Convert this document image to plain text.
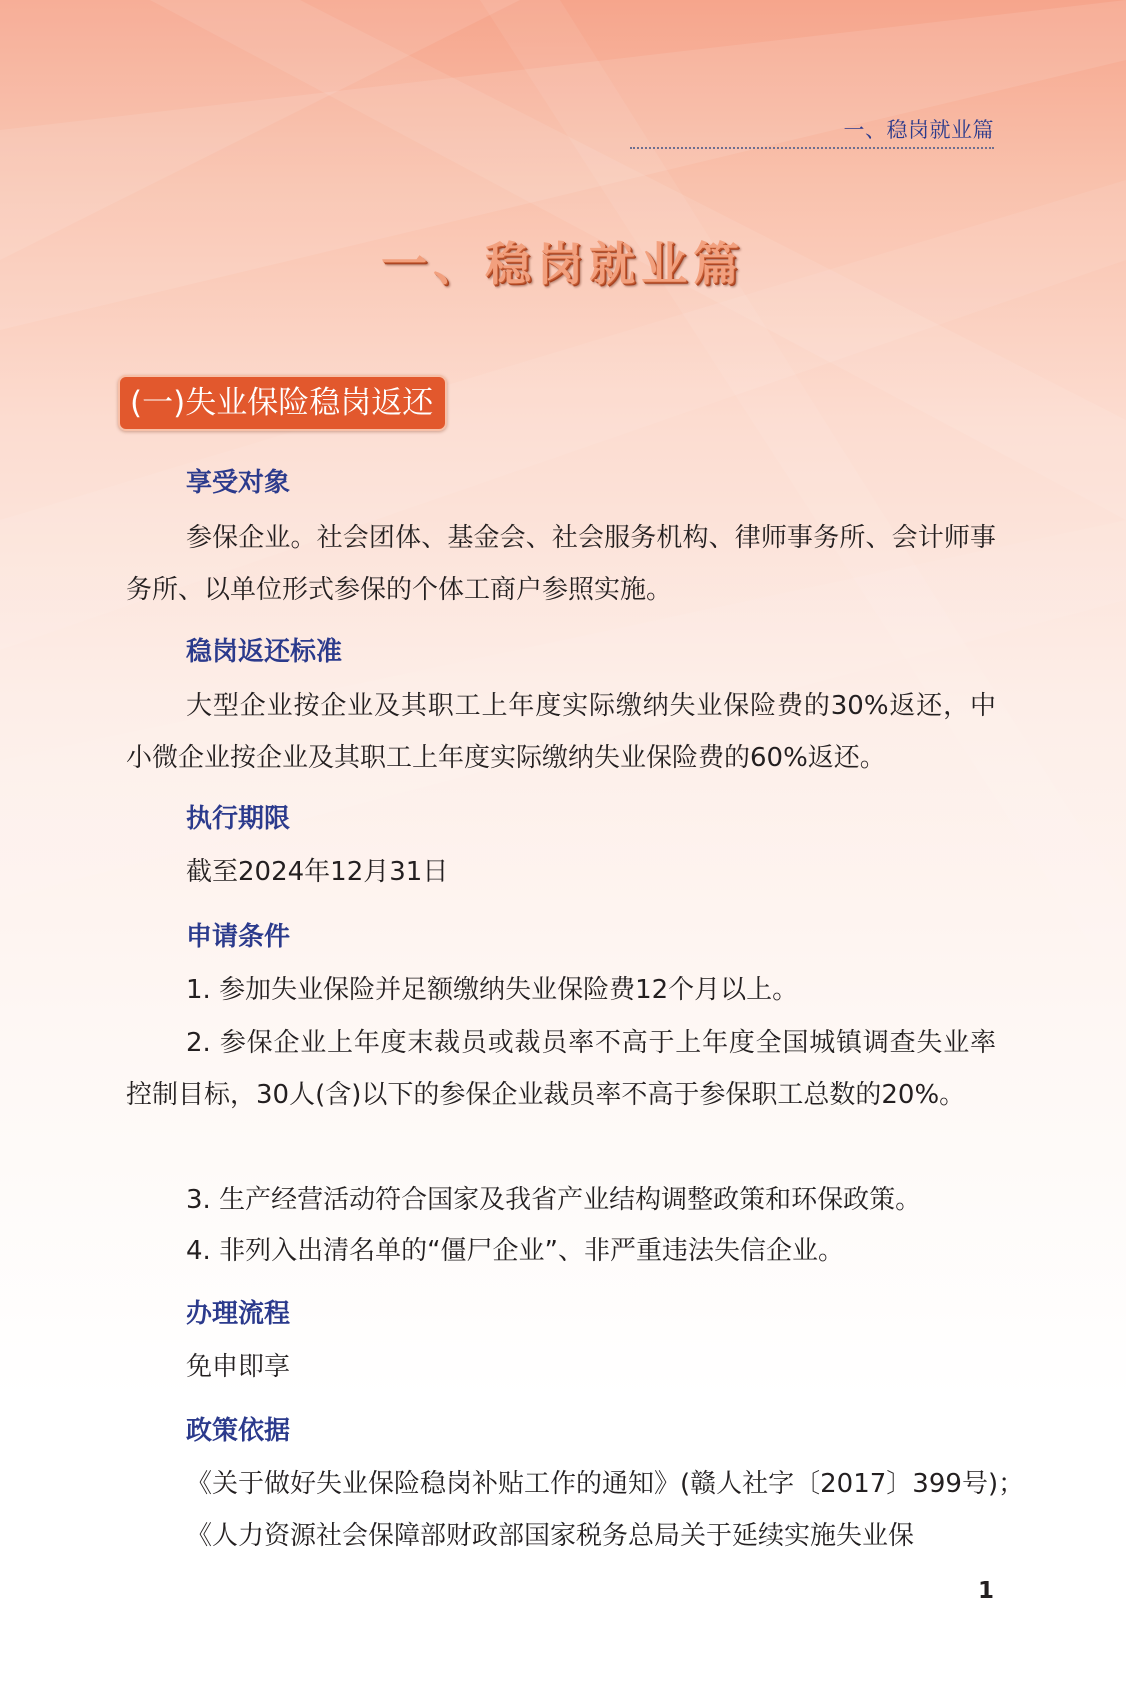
一、稳岗就业篇
一、稳岗就业篇
(一)失业保险稳岗返还
享受对象
参保企业。社会团体、基金会、社会服务机构、律师事务所、会计师事务所、以单位形式参保的个体工商户参照实施。
稳岗返还标准
大型企业按企业及其职工上年度实际缴纳失业保险费的30%返还，中小微企业按企业及其职工上年度实际缴纳失业保险费的60%返还。
执行期限
截至2024年12月31日
申请条件
1. 参加失业保险并足额缴纳失业保险费12个月以上。
2. 参保企业上年度末裁员或裁员率不高于上年度全国城镇调查失业率控制目标，30人(含)以下的参保企业裁员率不高于参保职工总数的20%。
3. 生产经营活动符合国家及我省产业结构调整政策和环保政策。
4. 非列入出清名单的“僵尸企业”、非严重违法失信企业。
办理流程
免申即享
政策依据
《关于做好失业保险稳岗补贴工作的通知》(赣人社字〔2017〕399号)；
《人力资源社会保障部财政部国家税务总局关于延续实施失业保
1
